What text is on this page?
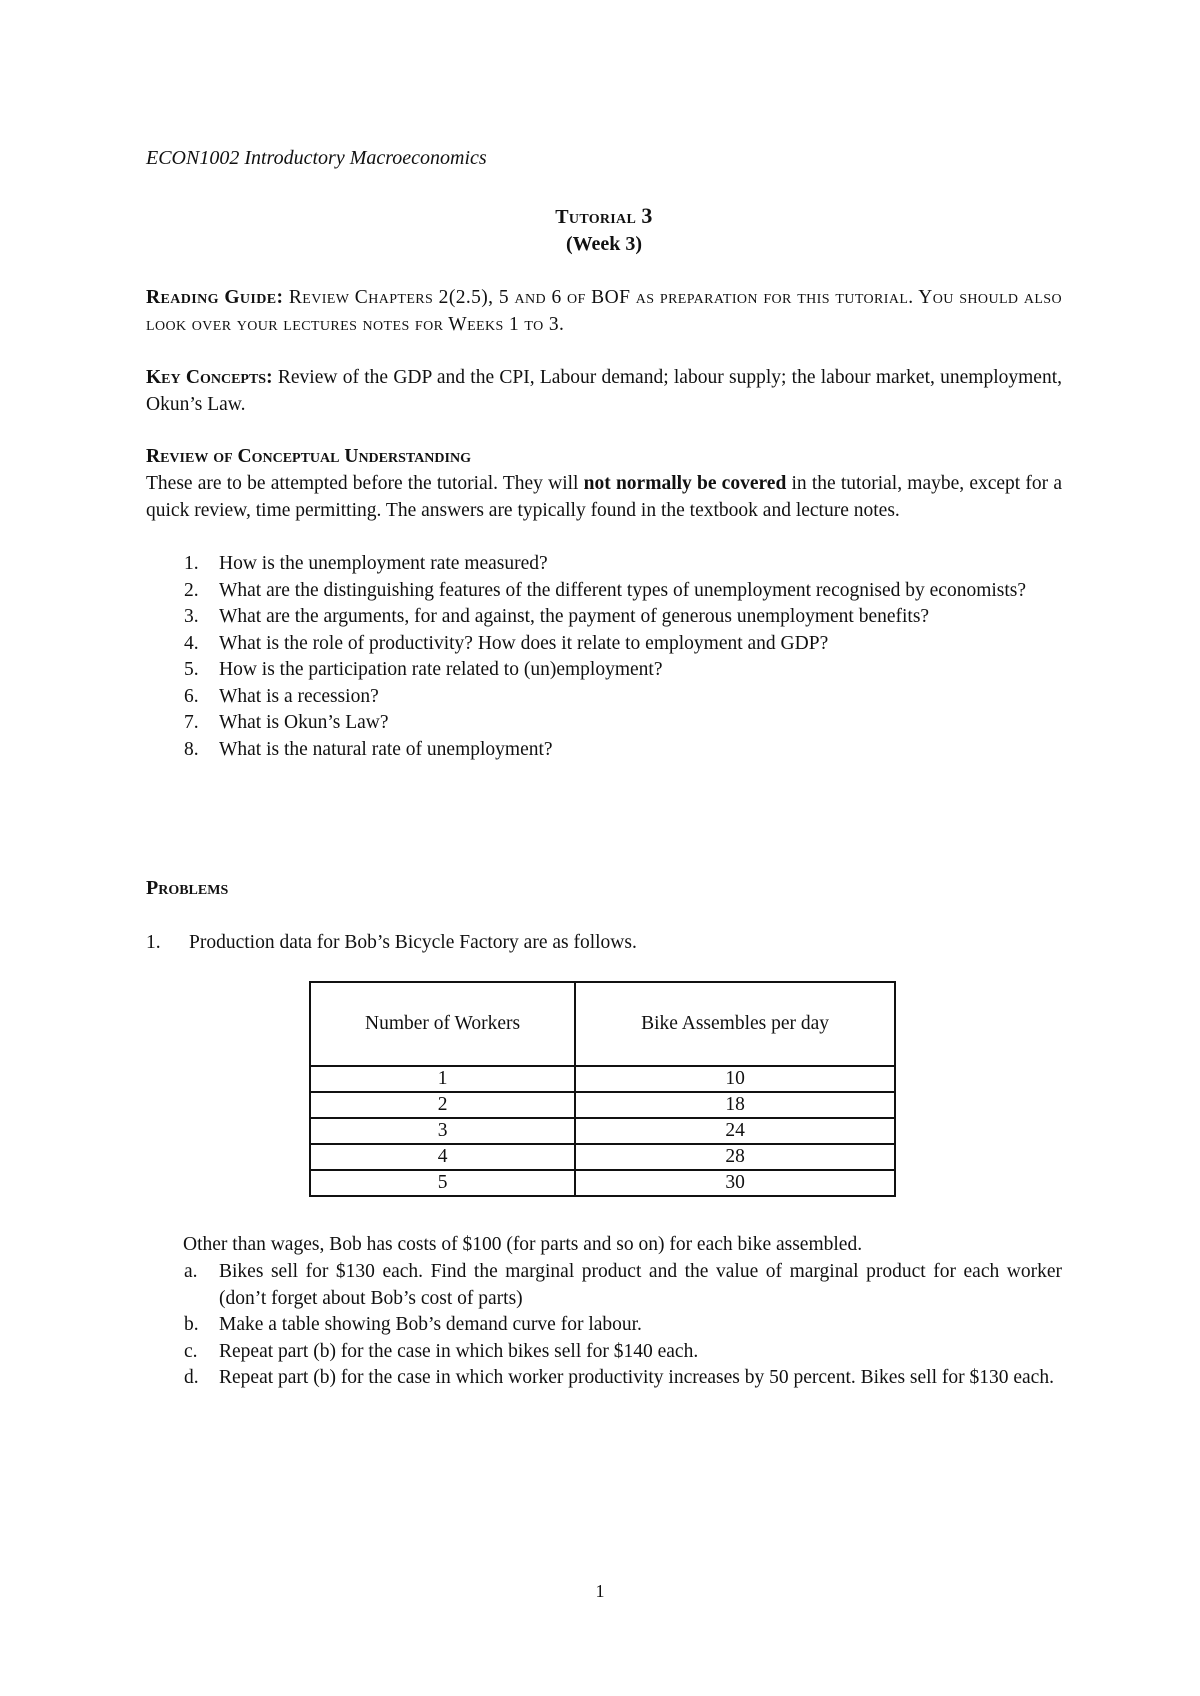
ECON1002 Introductory Macroeconomics
Tutorial 3
(Week 3)
Reading Guide: Review Chapters 2(2.5), 5 and 6 of BOF as preparation for this tutorial. You should also look over your lectures notes for Weeks 1 to 3.
Key Concepts: Review of the GDP and the CPI, Labour demand; labour supply; the labour market, unemployment, Okun’s Law.
Review of Conceptual Understanding
These are to be attempted before the tutorial. They will not normally be covered in the tutorial, maybe, except for a quick review, time permitting. The answers are typically found in the textbook and lecture notes.
1. How is the unemployment rate measured?
2. What are the distinguishing features of the different types of unemployment recognised by economists?
3. What are the arguments, for and against, the payment of generous unemployment benefits?
4. What is the role of productivity? How does it relate to employment and GDP?
5. How is the participation rate related to (un)employment?
6. What is a recession?
7. What is Okun’s Law?
8. What is the natural rate of unemployment?
Problems
1. Production data for Bob’s Bicycle Factory are as follows.
Number of Workers	Bike Assembles per day
1	10
2	18
3	24
4	28
5	30
Other than wages, Bob has costs of $100 (for parts and so on) for each bike assembled.
a. Bikes sell for $130 each. Find the marginal product and the value of marginal product for each worker (don’t forget about Bob’s cost of parts)
b. Make a table showing Bob’s demand curve for labour.
c. Repeat part (b) for the case in which bikes sell for $140 each.
d. Repeat part (b) for the case in which worker productivity increases by 50 percent. Bikes sell for $130 each.
1
